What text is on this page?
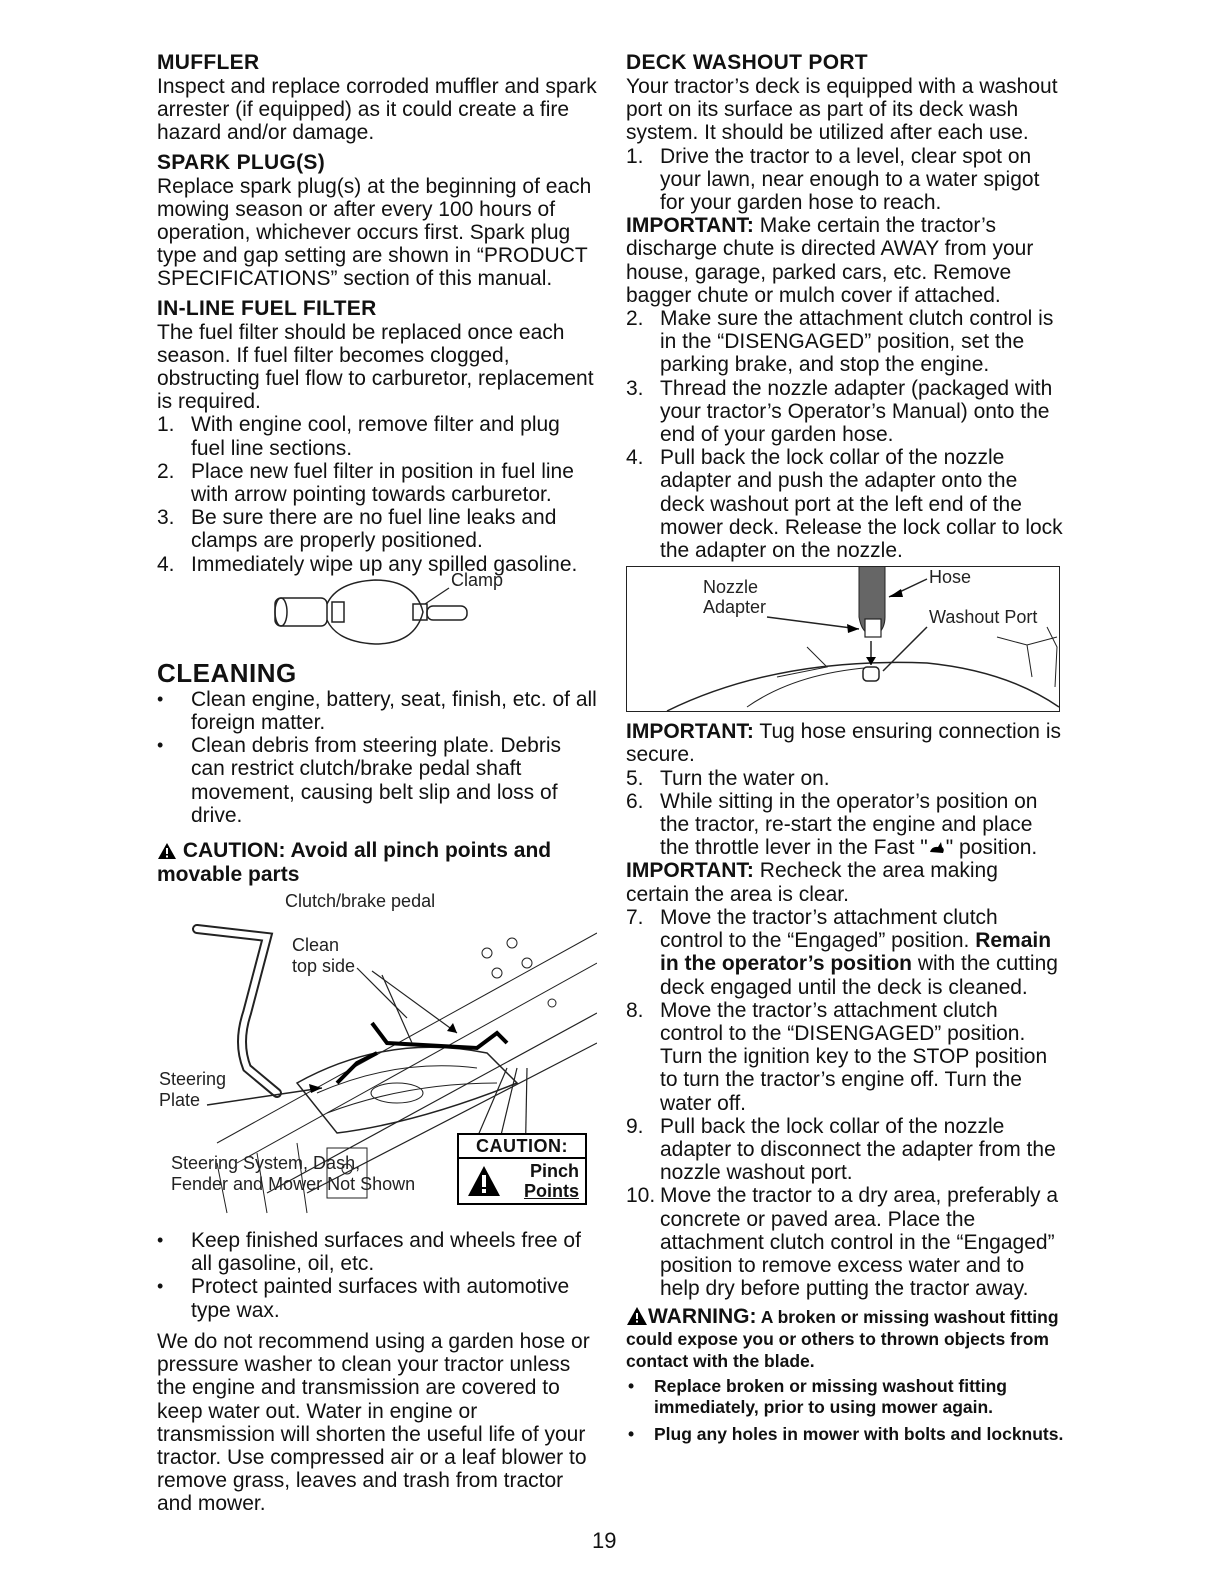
MUFFLER

Inspect and replace corroded muffler and spark arrester (if equipped) as it could create a fire hazard and/or damage.

SPARK PLUG(S)

Replace spark plug(s) at the beginning of each mowing season or after every 100 hours of operation, whichever occurs first. Spark plug type and gap setting are shown in “PRODUCT SPECIFICATIONS” section of this manual.

IN-LINE FUEL FILTER

The fuel filter should be replaced once each season. If fuel filter becomes clogged, obstructing fuel flow to carburetor, replacement is required.

1. With engine cool, remove filter and plug fuel line sections.
2. Place new fuel filter in position in fuel line with arrow pointing towards carburetor.
3. Be sure there are no fuel line leaks and clamps are properly positioned.
4. Immediately wipe up any spilled gasoline.
Clamp
CLEANING
• Clean engine, battery, seat, finish, etc. of all foreign matter.
• Clean debris from steering plate. Debris can restrict clutch/brake pedal shaft movement, causing belt slip and loss of drive.
CAUTION: Avoid all pinch points and movable parts
Clutch/brake pedal
Clean
top side
Steering
Plate
Steering System, Dash,
Fender and Mower Not Shown
CAUTION:
Pinch
Points
• Keep finished surfaces and wheels free of all gasoline, oil, etc.
• Protect painted surfaces with automotive type wax.

We do not recommend using a garden hose or pressure washer to clean your tractor unless the engine and transmission are covered to keep water out. Water in engine or transmission will shorten the useful life of your tractor. Use compressed air or a leaf blower to remove grass, leaves and trash from tractor and mower.

DECK WASHOUT PORT

Your tractor’s deck is equipped with a washout port on its surface as part of its deck wash system. It should be utilized after each use.

1. Drive the tractor to a level, clear spot on your lawn, near enough to a water spigot for your garden hose to reach.

IMPORTANT: Make certain the tractor’s discharge chute is directed AWAY from your house, garage, parked cars, etc. Remove bagger chute or mulch cover if attached.

2. Make sure the attachment clutch control is in the “DISENGAGED” position, set the parking brake, and stop the engine.
3. Thread the nozzle adapter (packaged with your tractor’s Operator’s Manual) onto the end of your garden hose.
4. Pull back the lock collar of the nozzle adapter and push the adapter onto the deck washout port at the left end of the mower deck. Release the lock collar to lock the adapter on the nozzle.
Nozzle
Adapter
Hose
Washout Port

IMPORTANT: Tug hose ensuring connection is secure.

5. Turn the water on.
6. While sitting in the operator’s position on the tractor, re-start the engine and place the throttle lever in the Fast " " position.

IMPORTANT: Recheck the area making certain the area is clear.

7. Move the tractor’s attachment clutch control to the “Engaged” position. Remain in the operator’s position with the cutting deck engaged until the deck is cleaned.
8. Move the tractor’s attachment clutch control to the “DISENGAGED” position. Turn the ignition key to the STOP position to turn the tractor’s engine off. Turn the water off.
9. Pull back the lock collar of the nozzle adapter to disconnect the adapter from the nozzle washout port.
10. Move the tractor to a dry area, preferably a concrete or paved area. Place the attachment clutch control in the “Engaged” position to remove excess water and to help dry before putting the tractor away.

WARNING: A broken or missing washout fitting could expose you or others to thrown objects from contact with the blade.

• Replace broken or missing washout fitting immediately, prior to using mower again.
• Plug any holes in mower with bolts and locknuts.
19
